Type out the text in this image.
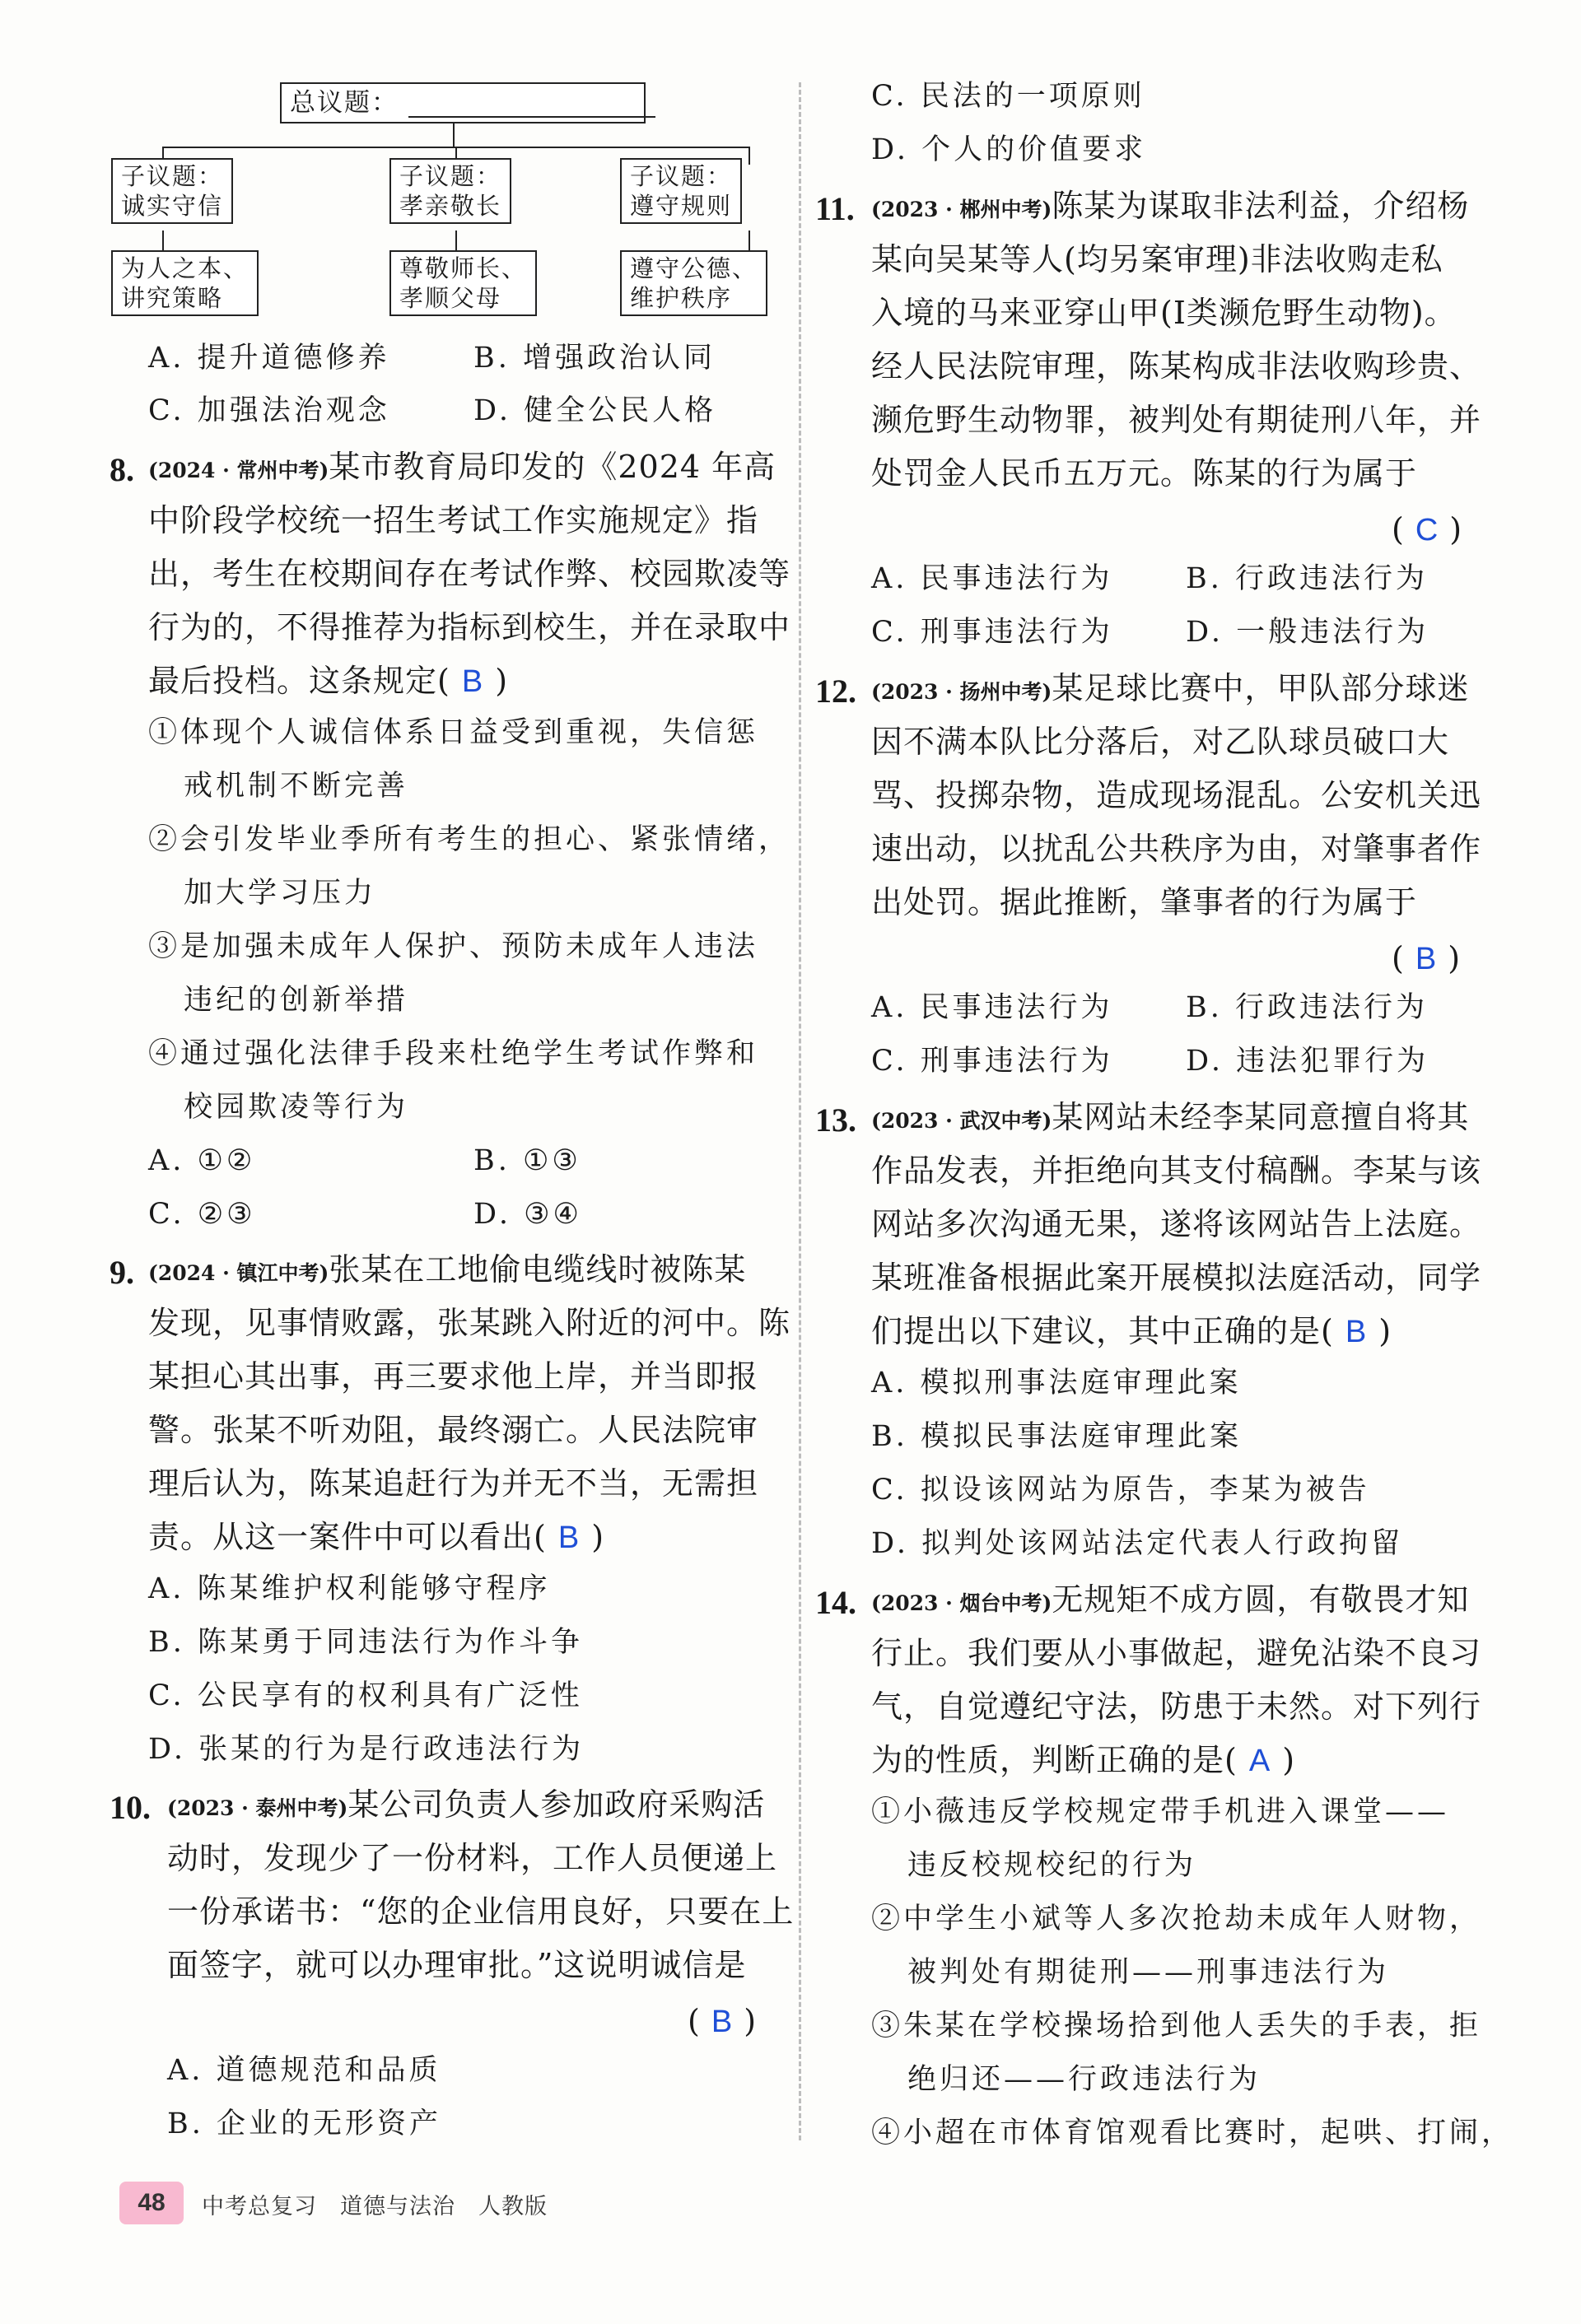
总议题：
子议题：
诚实守信
子议题：
孝亲敬长
子议题：
遵守规则
为人之本、
讲究策略
尊敬师长、
孝顺父母
遵守公德、
维护秩序
A. 提升道德修养	B. 增强政治认同
C. 加强法治观念	D. 健全公民人格
8. (2024 · 常州中考)某市教育局印发的《2024 年高
中阶段学校统一招生考试工作实施规定》指
出，考生在校期间存在考试作弊、校园欺凌等
行为的，不得推荐为指标到校生，并在录取中
最后投档。这条规定( B )
①体现个人诚信体系日益受到重视，失信惩
戒机制不断完善
②会引发毕业季所有考生的担心、紧张情绪，
加大学习压力
③是加强未成年人保护、预防未成年人违法
违纪的创新举措
④通过强化法律手段来杜绝学生考试作弊和
校园欺凌等行为
A. ①②	B. ①③
C. ②③	D. ③④
9. (2024 · 镇江中考)张某在工地偷电缆线时被陈某
发现，见事情败露，张某跳入附近的河中。陈
某担心其出事，再三要求他上岸，并当即报
警。张某不听劝阻，最终溺亡。人民法院审
理后认为，陈某追赶行为并无不当，无需担
责。从这一案件中可以看出( B )
A. 陈某维护权利能够守程序
B. 陈某勇于同违法行为作斗争
C. 公民享有的权利具有广泛性
D. 张某的行为是行政违法行为
10. (2023 · 泰州中考)某公司负责人参加政府采购活
动时，发现少了一份材料，工作人员便递上
一份承诺书：“您的企业信用良好，只要在上
面签字，就可以办理审批。”这说明诚信是
( B )
A. 道德规范和品质
B. 企业的无形资产
C. 民法的一项原则
D. 个人的价值要求
11. (2023 · 郴州中考)陈某为谋取非法利益，介绍杨
某向吴某等人(均另案审理)非法收购走私
入境的马来亚穿山甲(Ⅰ类濒危野生动物)。
经人民法院审理，陈某构成非法收购珍贵、
濒危野生动物罪，被判处有期徒刑八年，并
处罚金人民币五万元。陈某的行为属于
( C )
A. 民事违法行为	B. 行政违法行为
C. 刑事违法行为	D. 一般违法行为
12. (2023 · 扬州中考)某足球比赛中，甲队部分球迷
因不满本队比分落后，对乙队球员破口大
骂、投掷杂物，造成现场混乱。公安机关迅
速出动，以扰乱公共秩序为由，对肇事者作
出处罚。据此推断，肇事者的行为属于
( B )
A. 民事违法行为	B. 行政违法行为
C. 刑事违法行为	D. 违法犯罪行为
13. (2023 · 武汉中考)某网站未经李某同意擅自将其
作品发表，并拒绝向其支付稿酬。李某与该
网站多次沟通无果，遂将该网站告上法庭。
某班准备根据此案开展模拟法庭活动，同学
们提出以下建议，其中正确的是( B )
A. 模拟刑事法庭审理此案
B. 模拟民事法庭审理此案
C. 拟设该网站为原告，李某为被告
D. 拟判处该网站法定代表人行政拘留
14. (2023 · 烟台中考)无规矩不成方圆，有敬畏才知
行止。我们要从小事做起，避免沾染不良习
气，自觉遵纪守法，防患于未然。对下列行
为的性质，判断正确的是( A )
①小薇违反学校规定带手机进入课堂——
违反校规校纪的行为
②中学生小斌等人多次抢劫未成年人财物，
被判处有期徒刑——刑事违法行为
③朱某在学校操场拾到他人丢失的手表，拒
绝归还——行政违法行为
④小超在市体育馆观看比赛时，起哄、打闹，
48	中考总复习　道德与法治　人教版
